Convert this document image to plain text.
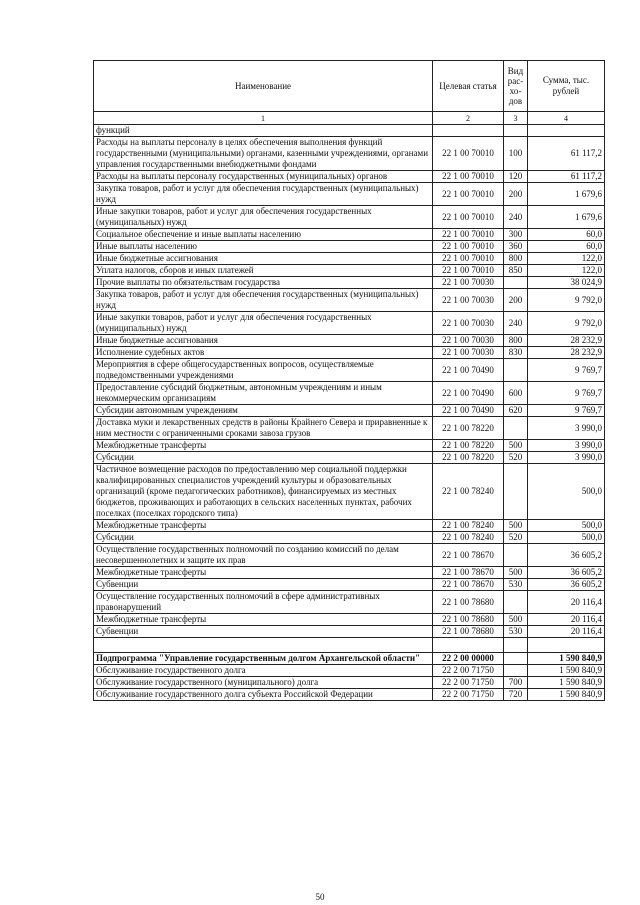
Наименование	Целевая статья	Вид рас- хо- дов	Сумма, тыс. рублей
1	2	3	4
функций			
Расходы на выплаты персоналу в целях обеспечения выполнения функций государственными (муниципальными) органами, казенными учреждениями, органами управления государственными внебюджетными фондами	22 1 00 70010	100	61 117,2
Расходы на выплаты персоналу государственных (муниципальных) органов	22 1 00 70010	120	61 117,2
Закупка товаров, работ и услуг для обеспечения государственных (муниципальных) нужд	22 1 00 70010	200	1 679,6
Иные закупки товаров, работ и услуг для обеспечения государственных (муниципальных) нужд	22 1 00 70010	240	1 679,6
Социальное обеспечение и иные выплаты населению	22 1 00 70010	300	60,0
Иные выплаты населению	22 1 00 70010	360	60,0
Иные бюджетные ассигнования	22 1 00 70010	800	122,0
Уплата налогов, сборов и иных платежей	22 1 00 70010	850	122,0
Прочие выплаты по обязательствам государства	22 1 00 70030		38 024,9
Закупка товаров, работ и услуг для обеспечения государственных (муниципальных) нужд	22 1 00 70030	200	9 792,0
Иные закупки товаров, работ и услуг для обеспечения государственных (муниципальных) нужд	22 1 00 70030	240	9 792,0
Иные бюджетные ассигнования	22 1 00 70030	800	28 232,9
Исполнение судебных актов	22 1 00 70030	830	28 232,9
Мероприятия в сфере общегосударственных вопросов, осуществляемые подведомственными учреждениями	22 1 00 70490		9 769,7
Предоставление субсидий бюджетным, автономным учреждениям и иным некоммерческим организациям	22 1 00 70490	600	9 769,7
Субсидии автономным учреждениям	22 1 00 70490	620	9 769,7
Доставка муки и лекарственных средств в районы Крайнего Севера и приравненные к ним местности с ограниченными сроками завоза грузов	22 1 00 78220		3 990,0
Межбюджетные трансферты	22 1 00 78220	500	3 990,0
Субсидии	22 1 00 78220	520	3 990,0
Частичное возмещение расходов по предоставлению мер социальной поддержки квалифицированных специалистов учреждений культуры и образовательных организаций (кроме педагогических работников), финансируемых из местных бюджетов, проживающих и работающих в сельских населенных пунктах, рабочих поселках (поселках городского типа)	22 1 00 78240		500,0
Межбюджетные трансферты	22 1 00 78240	500	500,0
Субсидии	22 1 00 78240	520	500,0
Осуществление государственных полномочий по созданию комиссий по делам несовершеннолетних и защите их прав	22 1 00 78670		36 605,2
Межбюджетные трансферты	22 1 00 78670	500	36 605,2
Субвенции	22 1 00 78670	530	36 605,2
Осуществление государственных полномочий в сфере административных правонарушений	22 1 00 78680		20 116,4
Межбюджетные трансферты	22 1 00 78680	500	20 116,4
Субвенции	22 1 00 78680	530	20 116,4

Подпрограмма "Управление государственным долгом Архангельской области"	22 2 00 00000		1 590 840,9
Обслуживание государственного долга	22 2 00 71750		1 590 840,9
Обслуживание государственного (муниципального) долга	22 2 00 71750	700	1 590 840,9
Обслуживание государственного долга субъекта Российской Федерации	22 2 00 71750	720	1 590 840,9
50
